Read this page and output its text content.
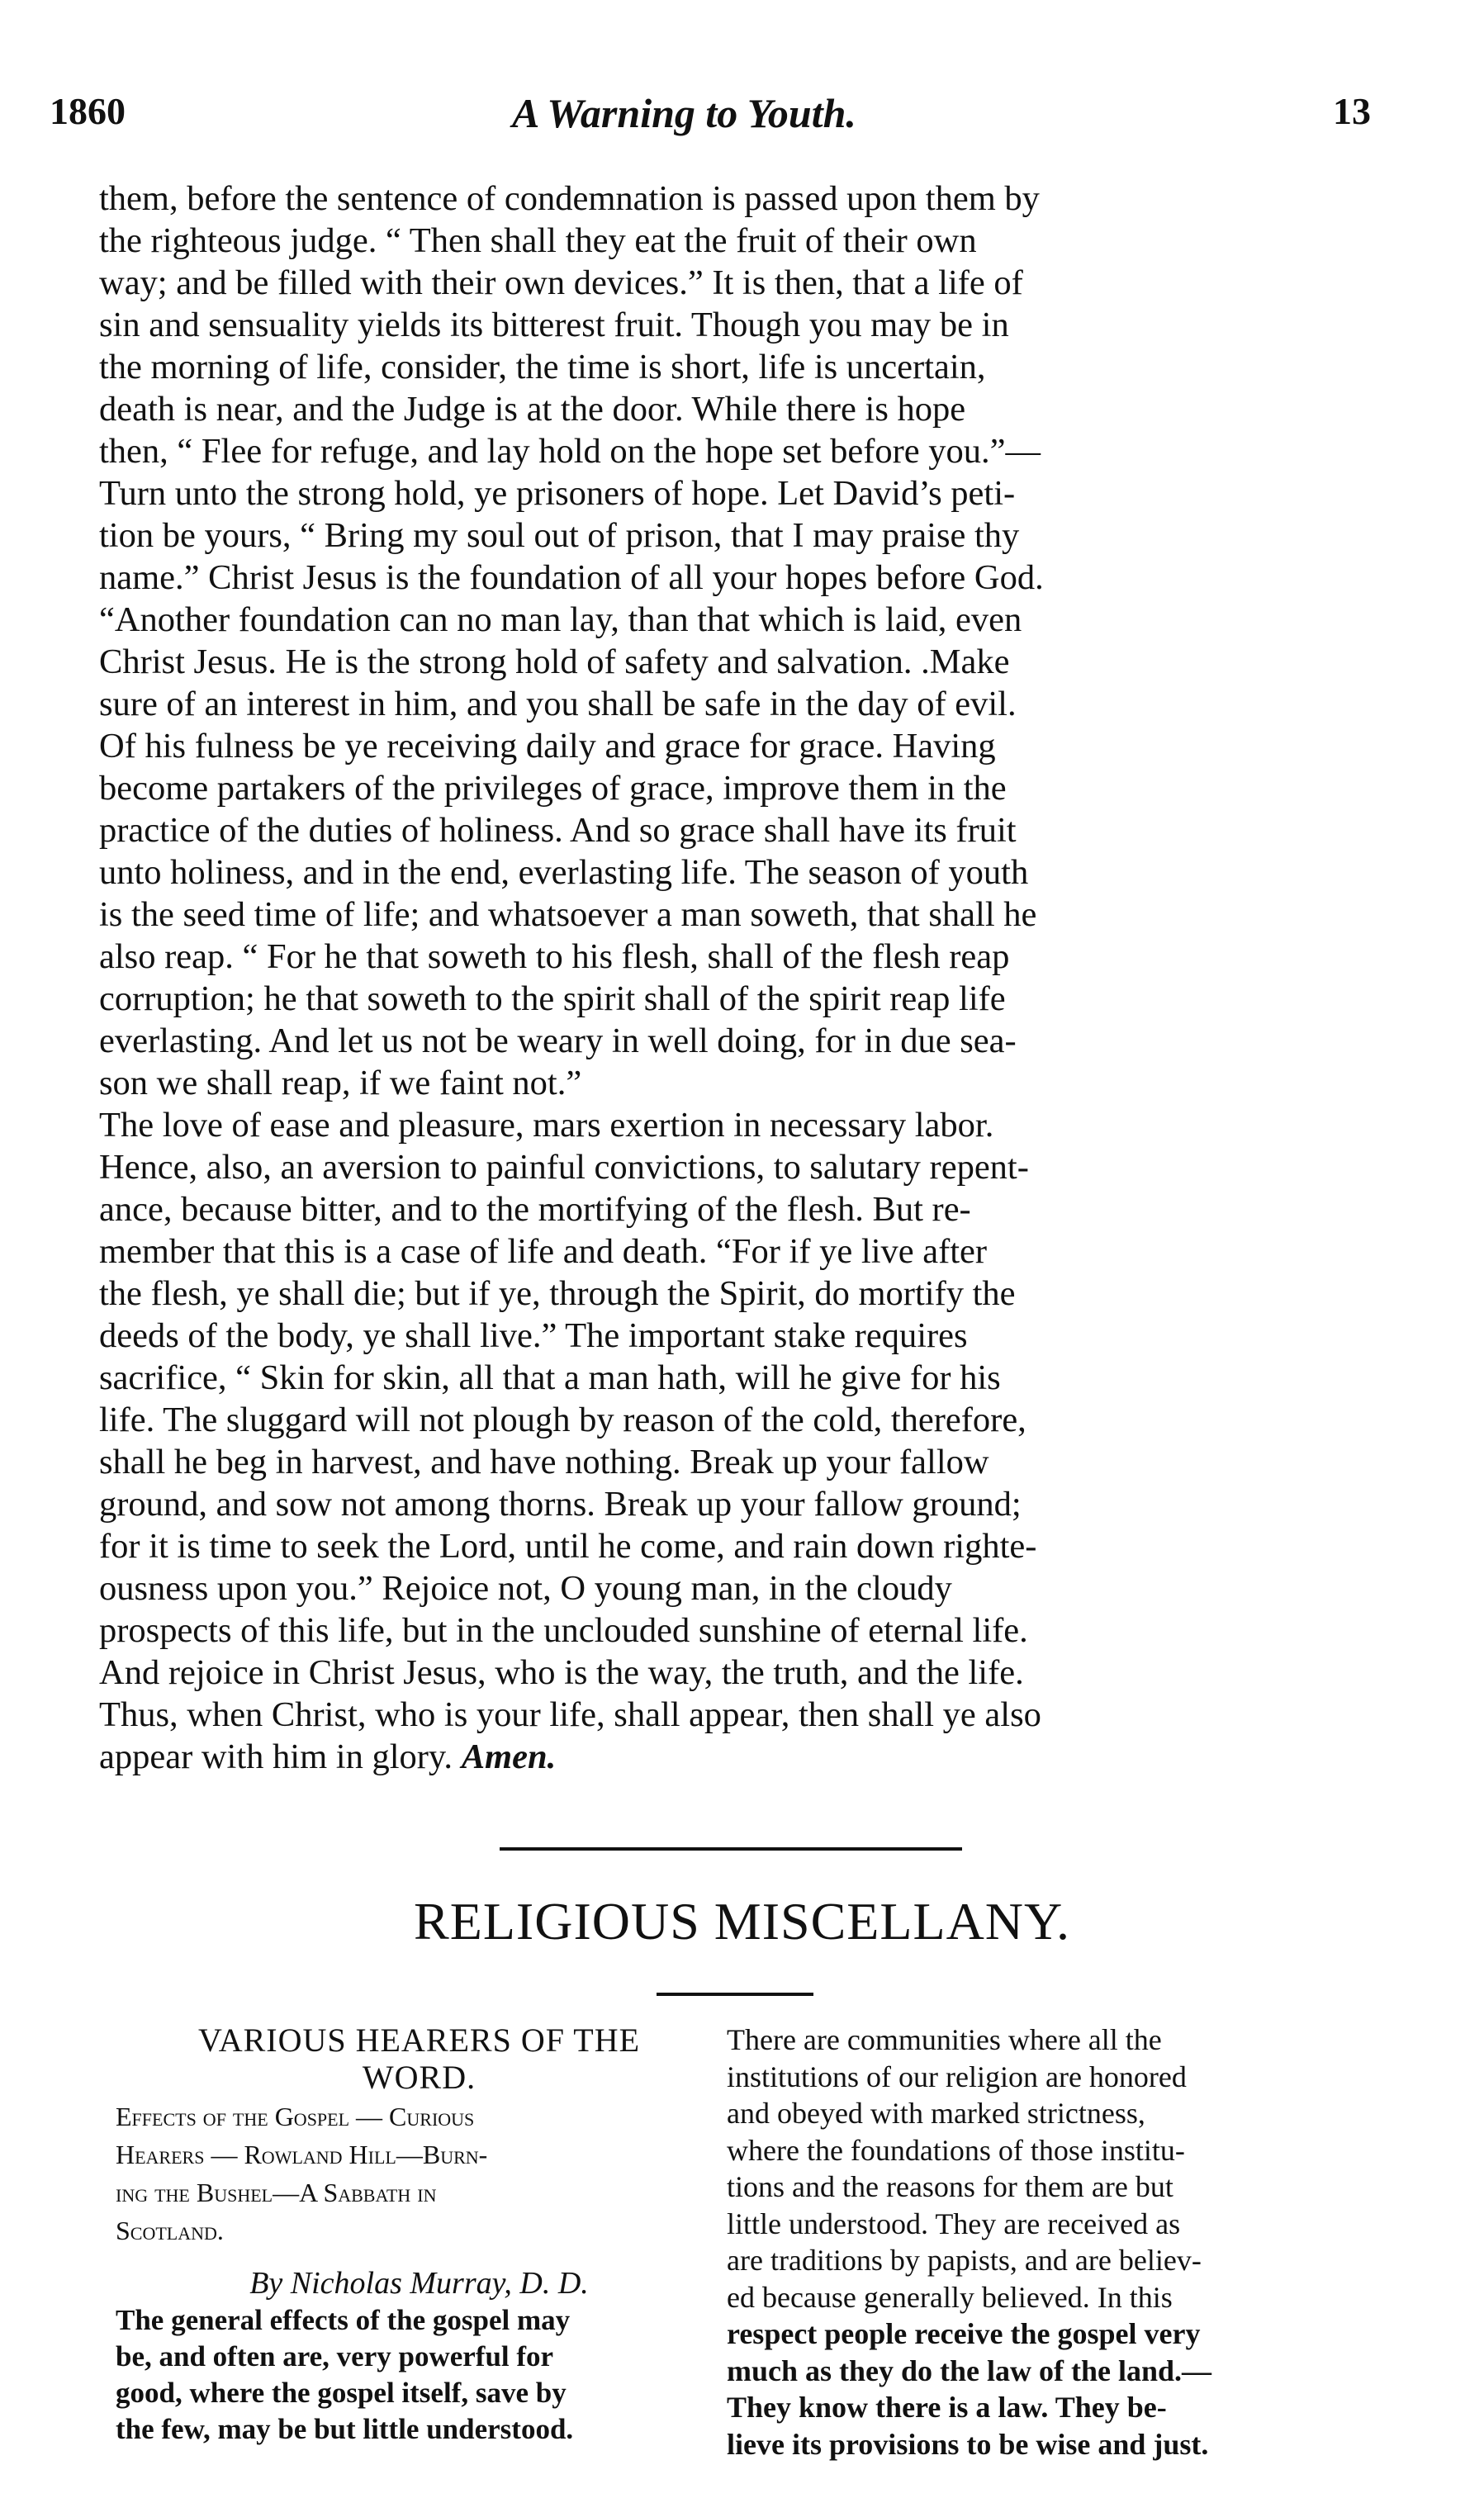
1860	A Warning to Youth.	13
them, before the sentence of condemnation is passed upon them by
the righteous judge. “ Then shall they eat the fruit of their own
way; and be filled with their own devices.” It is then, that a life of
sin and sensuality yields its bitterest fruit. Though you may be in
the morning of life, consider, the time is short, life is uncertain,
death is near, and the Judge is at the door. While there is hope
then, “ Flee for refuge, and lay hold on the hope set before you.”—
Turn unto the strong hold, ye prisoners of hope. Let David’s peti-
tion be yours, “ Bring my soul out of prison, that I may praise thy
name.” Christ Jesus is the foundation of all your hopes before God.
“Another foundation can no man lay, than that which is laid, even
Christ Jesus. He is the strong hold of safety and salvation. .Make
sure of an interest in him, and you shall be safe in the day of evil.
Of his fulness be ye receiving daily and grace for grace. Having
become partakers of the privileges of grace, improve them in the
practice of the duties of holiness. And so grace shall have its fruit
unto holiness, and in the end, everlasting life. The season of youth
is the seed time of life; and whatsoever a man soweth, that shall he
also reap. “ For he that soweth to his flesh, shall of the flesh reap
corruption; he that soweth to the spirit shall of the spirit reap life
everlasting. And let us not be weary in well doing, for in due sea-
son we shall reap, if we faint not.”
The love of ease and pleasure, mars exertion in necessary labor.
Hence, also, an aversion to painful convictions, to salutary repent-
ance, because bitter, and to the mortifying of the flesh. But re-
member that this is a case of life and death. “For if ye live after
the flesh, ye shall die; but if ye, through the Spirit, do mortify the
deeds of the body, ye shall live.” The important stake requires
sacrifice, “ Skin for skin, all that a man hath, will he give for his
life. The sluggard will not plough by reason of the cold, therefore,
shall he beg in harvest, and have nothing. Break up your fallow
ground, and sow not among thorns. Break up your fallow ground;
for it is time to seek the Lord, until he come, and rain down righte-
ousness upon you.” Rejoice not, O young man, in the cloudy
prospects of this life, but in the unclouded sunshine of eternal life.
And rejoice in Christ Jesus, who is the way, the truth, and the life.
Thus, when Christ, who is your life, shall appear, then shall ye also
appear with him in glory. Amen.
RELIGIOUS MISCELLANY.
VARIOUS HEARERS OF THE
WORD.
Effects of the Gospel — Curious
Hearers — Rowland Hill—Burn-
ing the Bushel—A Sabbath in
Scotland.
By Nicholas Murray, D. D.
The general effects of the gospel may
be, and often are, very powerful for
good, where the gospel itself, save by
the few, may be but little understood.
There are communities where all the
institutions of our religion are honored
and obeyed with marked strictness,
where the foundations of those institu-
tions and the reasons for them are but
little understood. They are received as
are traditions by papists, and are believ-
ed because generally believed. In this
respect people receive the gospel very
much as they do the law of the land.—
They know there is a law. They be-
lieve its provisions to be wise and just.
